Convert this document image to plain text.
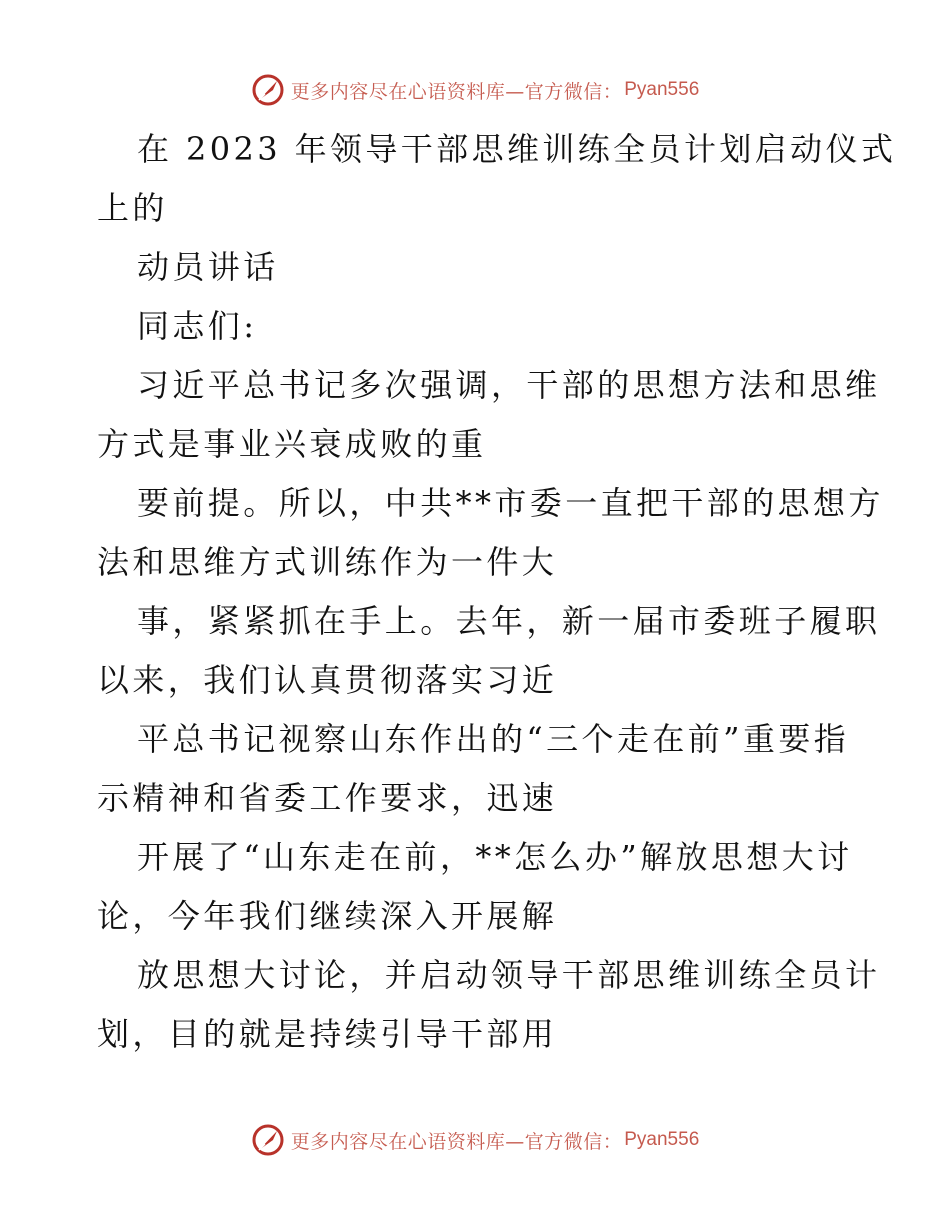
更多内容尽在心语资料库—官方微信： Pyan556

在 2023 年领导干部思维训练全员计划启动仪式
上的

动员讲话

同志们:

习近平总书记多次强调，干部的思想方法和思维
方式是事业兴衰成败的重

要前提。所以，中共**市委一直把干部的思想方
法和思维方式训练作为一件大

事，紧紧抓在手上。去年，新一届市委班子履职
以来，我们认真贯彻落实习近

平总书记视察山东作出的“三个走在前”重要指
示精神和省委工作要求，迅速

开展了“山东走在前，**怎么办”解放思想大讨
论，今年我们继续深入开展解

放思想大讨论，并启动领导干部思维训练全员计
划，目的就是持续引导干部用

更多内容尽在心语资料库—官方微信： Pyan556
